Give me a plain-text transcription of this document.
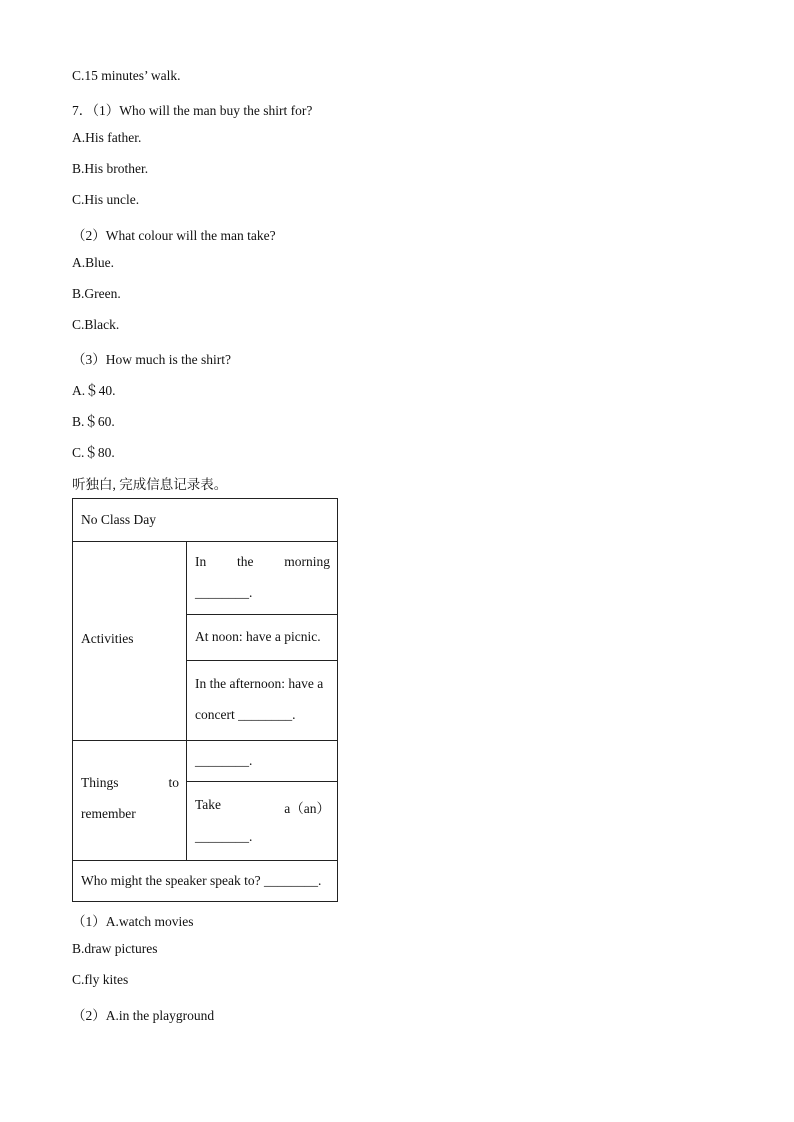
C.15 minutes’ walk.
7．（1）Who will the man buy the shirt for?
A.His father.
B.His brother.
C.His uncle.
（2）What colour will the man take?
A.Blue.
B.Green.
C.Black.
（3）How much is the shirt?
A.＄40.
B.＄60.
C.＄80.
听独白, 完成信息记录表。
No Class Day
Activities
In the morning
________.
At noon: have a picnic.
In the afternoon: have a
concert ________.
Things	to
remember
________.
Take	a（an）
________.
Who might the speaker speak to? ________.
（1）A.watch movies
B.draw pictures
C.fly kites
（2）A.in the playground
